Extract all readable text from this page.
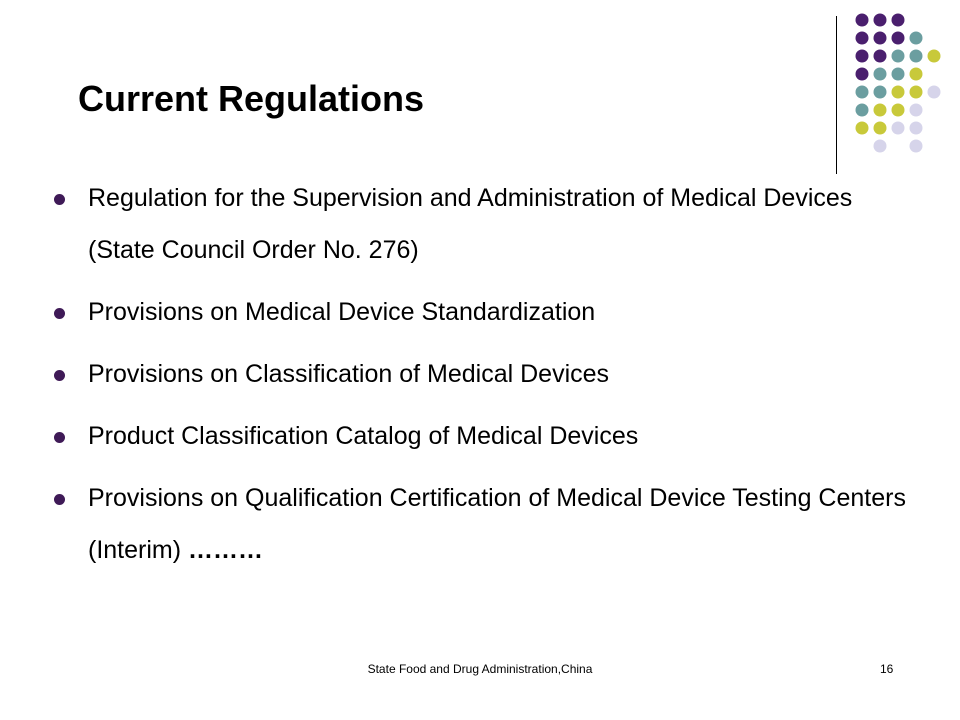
Current Regulations
Regulation for the Supervision and Administration of Medical Devices (State Council Order No. 276)
Provisions on Medical Device Standardization
Provisions on Classification of Medical Devices
Product Classification Catalog of Medical Devices
Provisions on Qualification Certification of Medical Device Testing Centers (Interim) ………
State Food and Drug Administration,China	16
